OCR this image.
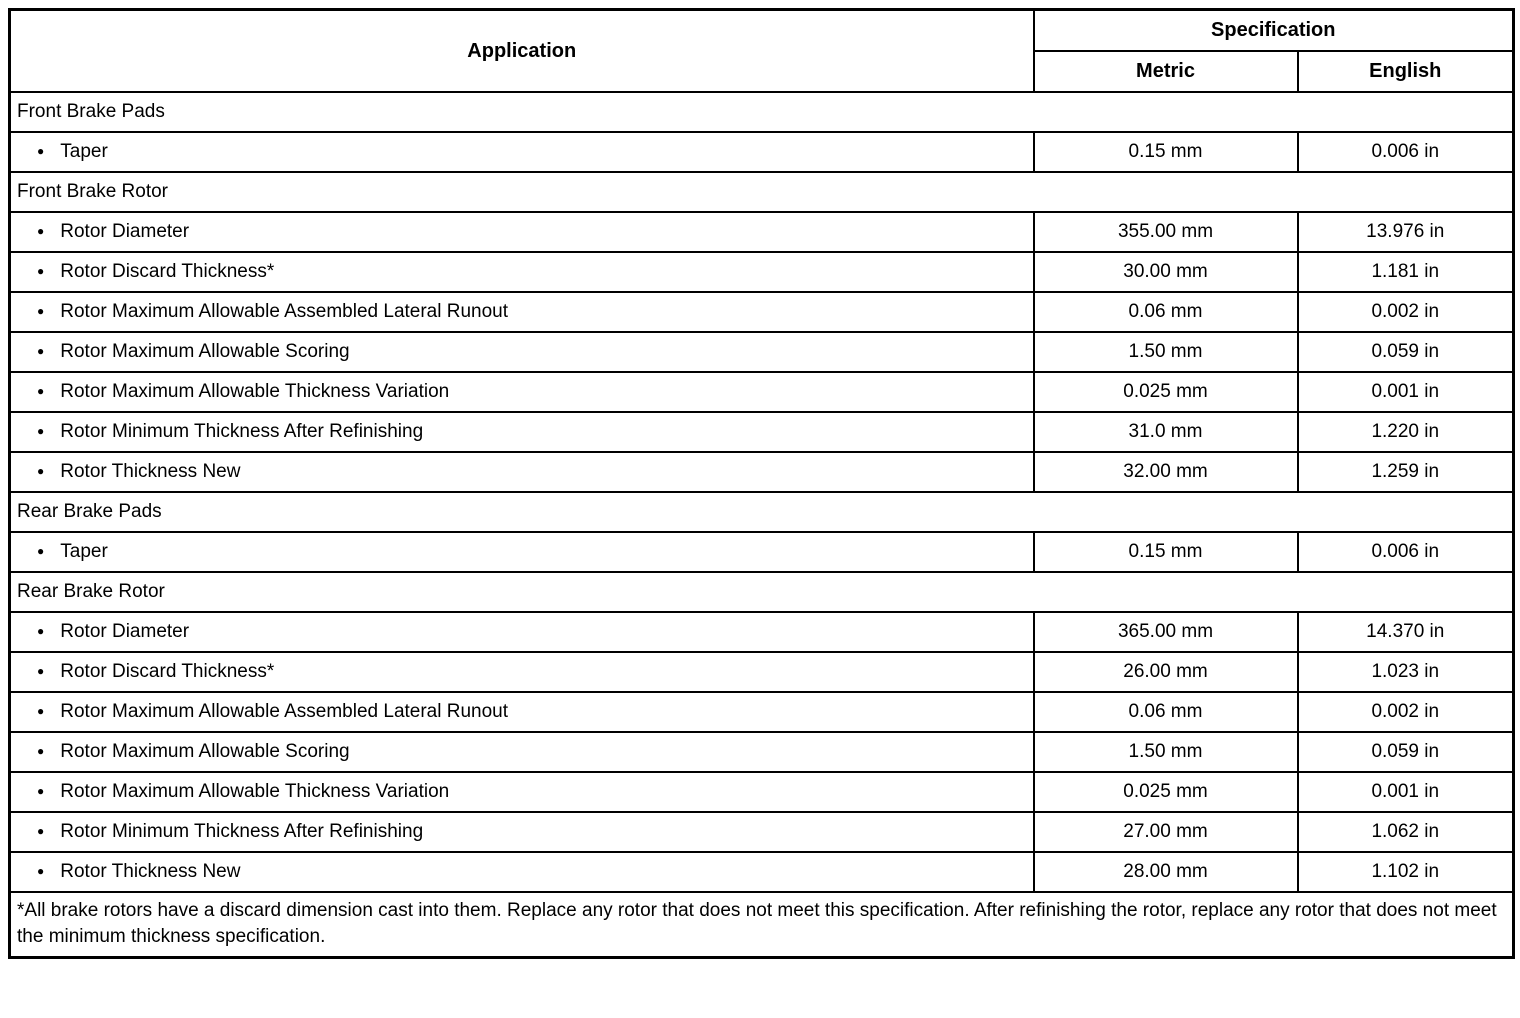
Application	Specification	
	Metric	English
Front Brake Pads		
● Taper	0.15 mm	0.006 in
Front Brake Rotor		
● Rotor Diameter	355.00 mm	13.976 in
● Rotor Discard Thickness*	30.00 mm	1.181 in
● Rotor Maximum Allowable Assembled Lateral Runout	0.06 mm	0.002 in
● Rotor Maximum Allowable Scoring	1.50 mm	0.059 in
● Rotor Maximum Allowable Thickness Variation	0.025 mm	0.001 in
● Rotor Minimum Thickness After Refinishing	31.0 mm	1.220 in
● Rotor Thickness New	32.00 mm	1.259 in
Rear Brake Pads		
● Taper	0.15 mm	0.006 in
Rear Brake Rotor		
● Rotor Diameter	365.00 mm	14.370 in
● Rotor Discard Thickness*	26.00 mm	1.023 in
● Rotor Maximum Allowable Assembled Lateral Runout	0.06 mm	0.002 in
● Rotor Maximum Allowable Scoring	1.50 mm	0.059 in
● Rotor Maximum Allowable Thickness Variation	0.025 mm	0.001 in
● Rotor Minimum Thickness After Refinishing	27.00 mm	1.062 in
● Rotor Thickness New	28.00 mm	1.102 in
*All brake rotors have a discard dimension cast into them. Replace any rotor that does not meet this specification. After refinishing the rotor, replace any rotor that does not meet the minimum thickness specification.		
